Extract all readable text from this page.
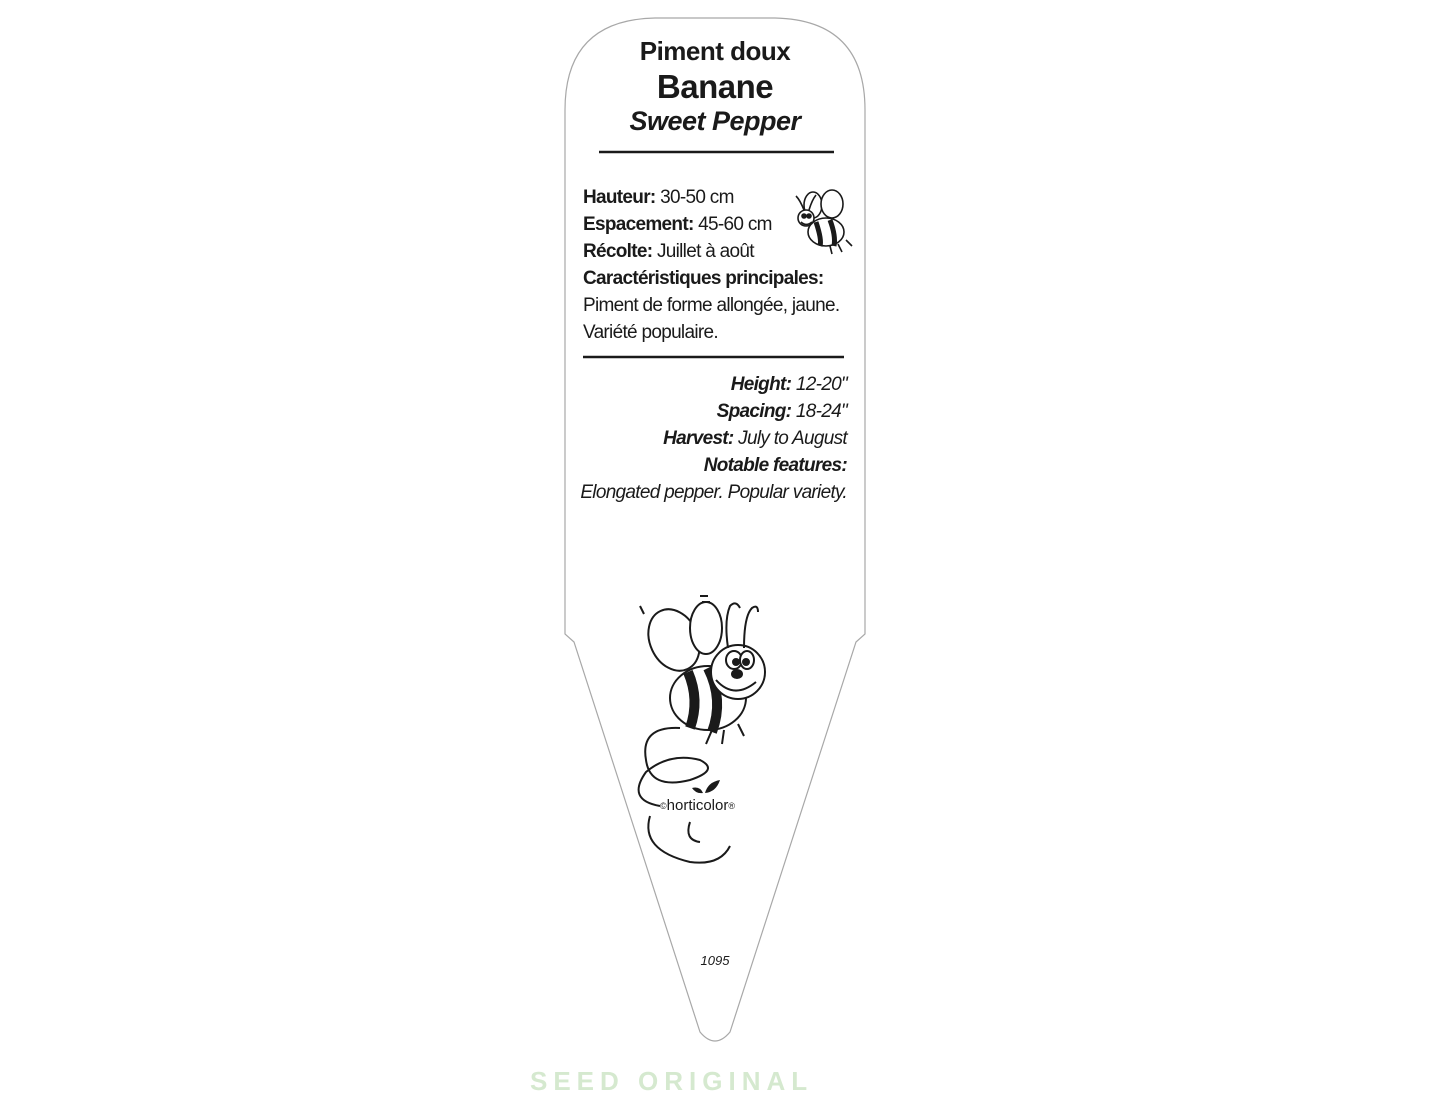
Piment doux
Banane
Sweet Pepper
Hauteur: 30-50 cm
Espacement: 45-60 cm
Récolte: Juillet à août
Caractéristiques principales:
Piment de forme allongée, jaune.
Variété populaire.
Height: 12-20"
Spacing: 18-24"
Harvest: July to August
Notable features:
Elongated pepper. Popular variety.
©horticolor®
1095
SEED ORIGINAL
